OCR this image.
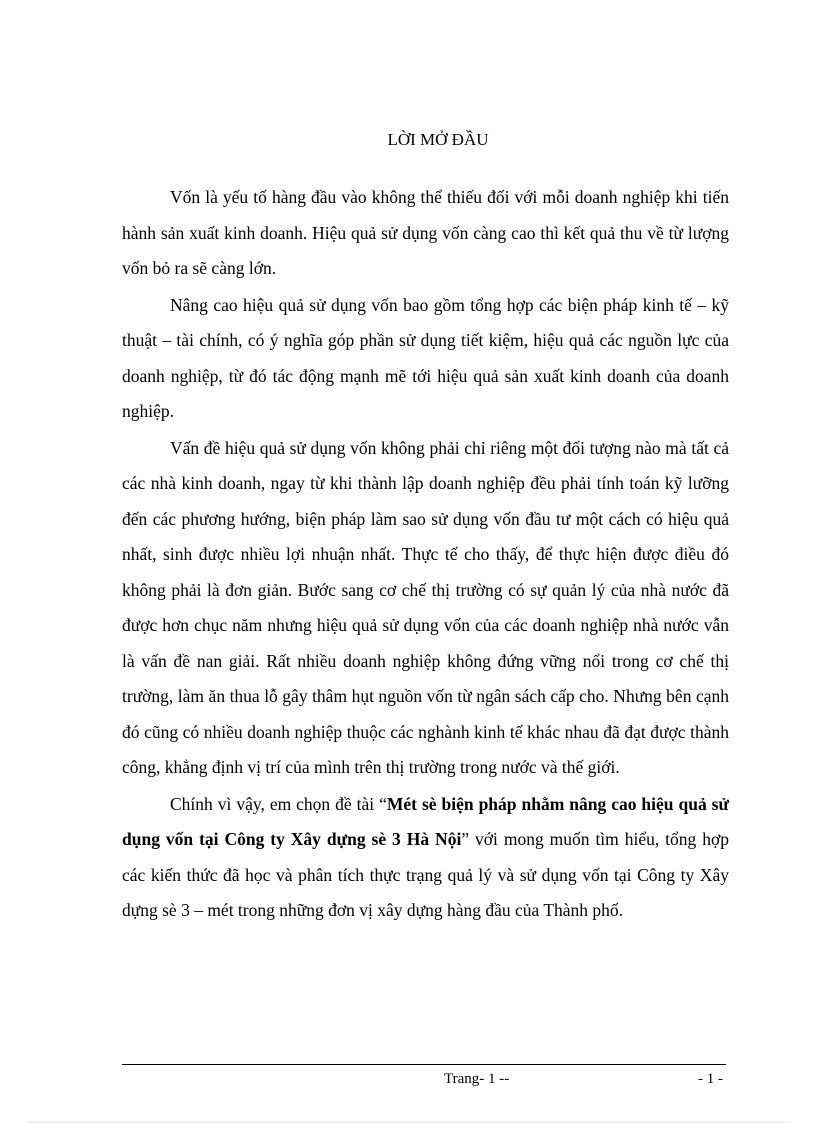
LỜI MỞ ĐẦU

Vốn là yếu tố hàng đầu vào không thể thiếu đối với mỗi doanh nghiệp khi tiến hành sản xuất kinh doanh. Hiệu quả sử dụng vốn càng cao thì kết quả thu về từ lượng vốn bỏ ra sẽ càng lớn.

Nâng cao hiệu quả sử dụng vốn bao gồm tổng hợp các biện pháp kinh tế – kỹ thuật – tài chính, có ý nghĩa góp phần sử dụng tiết kiệm, hiệu quả các nguồn lực của doanh nghiệp, từ đó tác động mạnh mẽ tới hiệu quả sản xuất kinh doanh của doanh nghiệp.

Vấn đề hiệu quả sử dụng vốn không phải chỉ riêng một đối tượng nào mà tất cả các nhà kinh doanh, ngay từ khi thành lập doanh nghiệp đều phải tính toán kỹ lưỡng đến các phương hướng, biện pháp làm sao sử dụng vốn đầu tư một cách có hiệu quả nhất, sinh được nhiều lợi nhuận nhất. Thực tế cho thấy, để thực hiện được điều đó không phải là đơn giản. Bước sang cơ chế thị trường có sự quản lý của nhà nước đã được hơn chục năm nhưng hiệu quả sử dụng vốn của các doanh nghiệp nhà nước vẫn là vấn đề nan giải. Rất nhiều doanh nghiệp không đứng vững nổi trong cơ chế thị trường, làm ăn thua lỗ gây thâm hụt nguồn vốn từ ngân sách cấp cho. Nhưng bên cạnh đó cũng có nhiều doanh nghiệp thuộc các nghành kinh tế khác nhau đã đạt được thành công, khẳng định vị trí của mình trên thị trường trong nước và thế giới.

Chính vì vậy, em chọn đề tài “Mét sè biện pháp nhằm nâng cao hiệu quả sử dụng vốn tại Công ty Xây dựng sè 3 Hà Nội” với mong muốn tìm hiểu, tổng hợp các kiến thức đã học và phân tích thực trạng quả lý và sử dụng vốn tại Công ty Xây dựng sè 3 – mét trong những đơn vị xây dựng hàng đầu của Thành phố.

Trang- 1 --	- 1 -
